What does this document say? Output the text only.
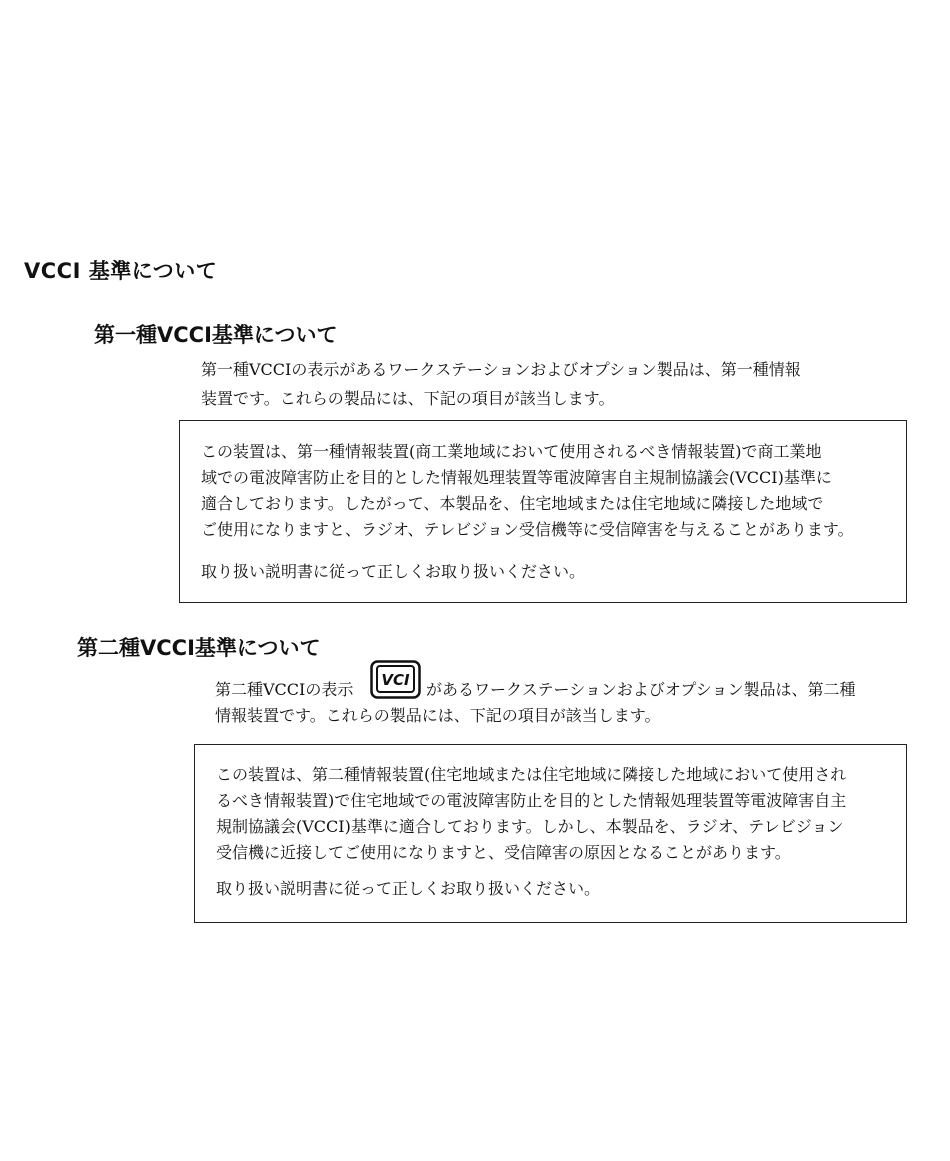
VCCI 基準について
第一種VCCI基準について
第一種VCCIの表示があるワークステーションおよびオプション製品は、第一種情報
装置です。これらの製品には、下記の項目が該当します。
この装置は、第一種情報装置(商工業地域において使用されるべき情報装置)で商工業地
域での電波障害防止を目的とした情報処理装置等電波障害自主規制協議会(VCCI)基準に
適合しております。したがって、本製品を、住宅地域または住宅地域に隣接した地域で
ご使用になりますと、ラジオ、テレビジョン受信機等に受信障害を与えることがあります。
取り扱い説明書に従って正しくお取り扱いください。
第二種VCCI基準について
第二種VCCIの表示 VCI があるワークステーションおよびオプション製品は、第二種
情報装置です。これらの製品には、下記の項目が該当します。
この装置は、第二種情報装置(住宅地域または住宅地域に隣接した地域において使用され
るべき情報装置)で住宅地域での電波障害防止を目的とした情報処理装置等電波障害自主
規制協議会(VCCI)基準に適合しております。しかし、本製品を、ラジオ、テレビジョン
受信機に近接してご使用になりますと、受信障害の原因となることがあります。
取り扱い説明書に従って正しくお取り扱いください。
